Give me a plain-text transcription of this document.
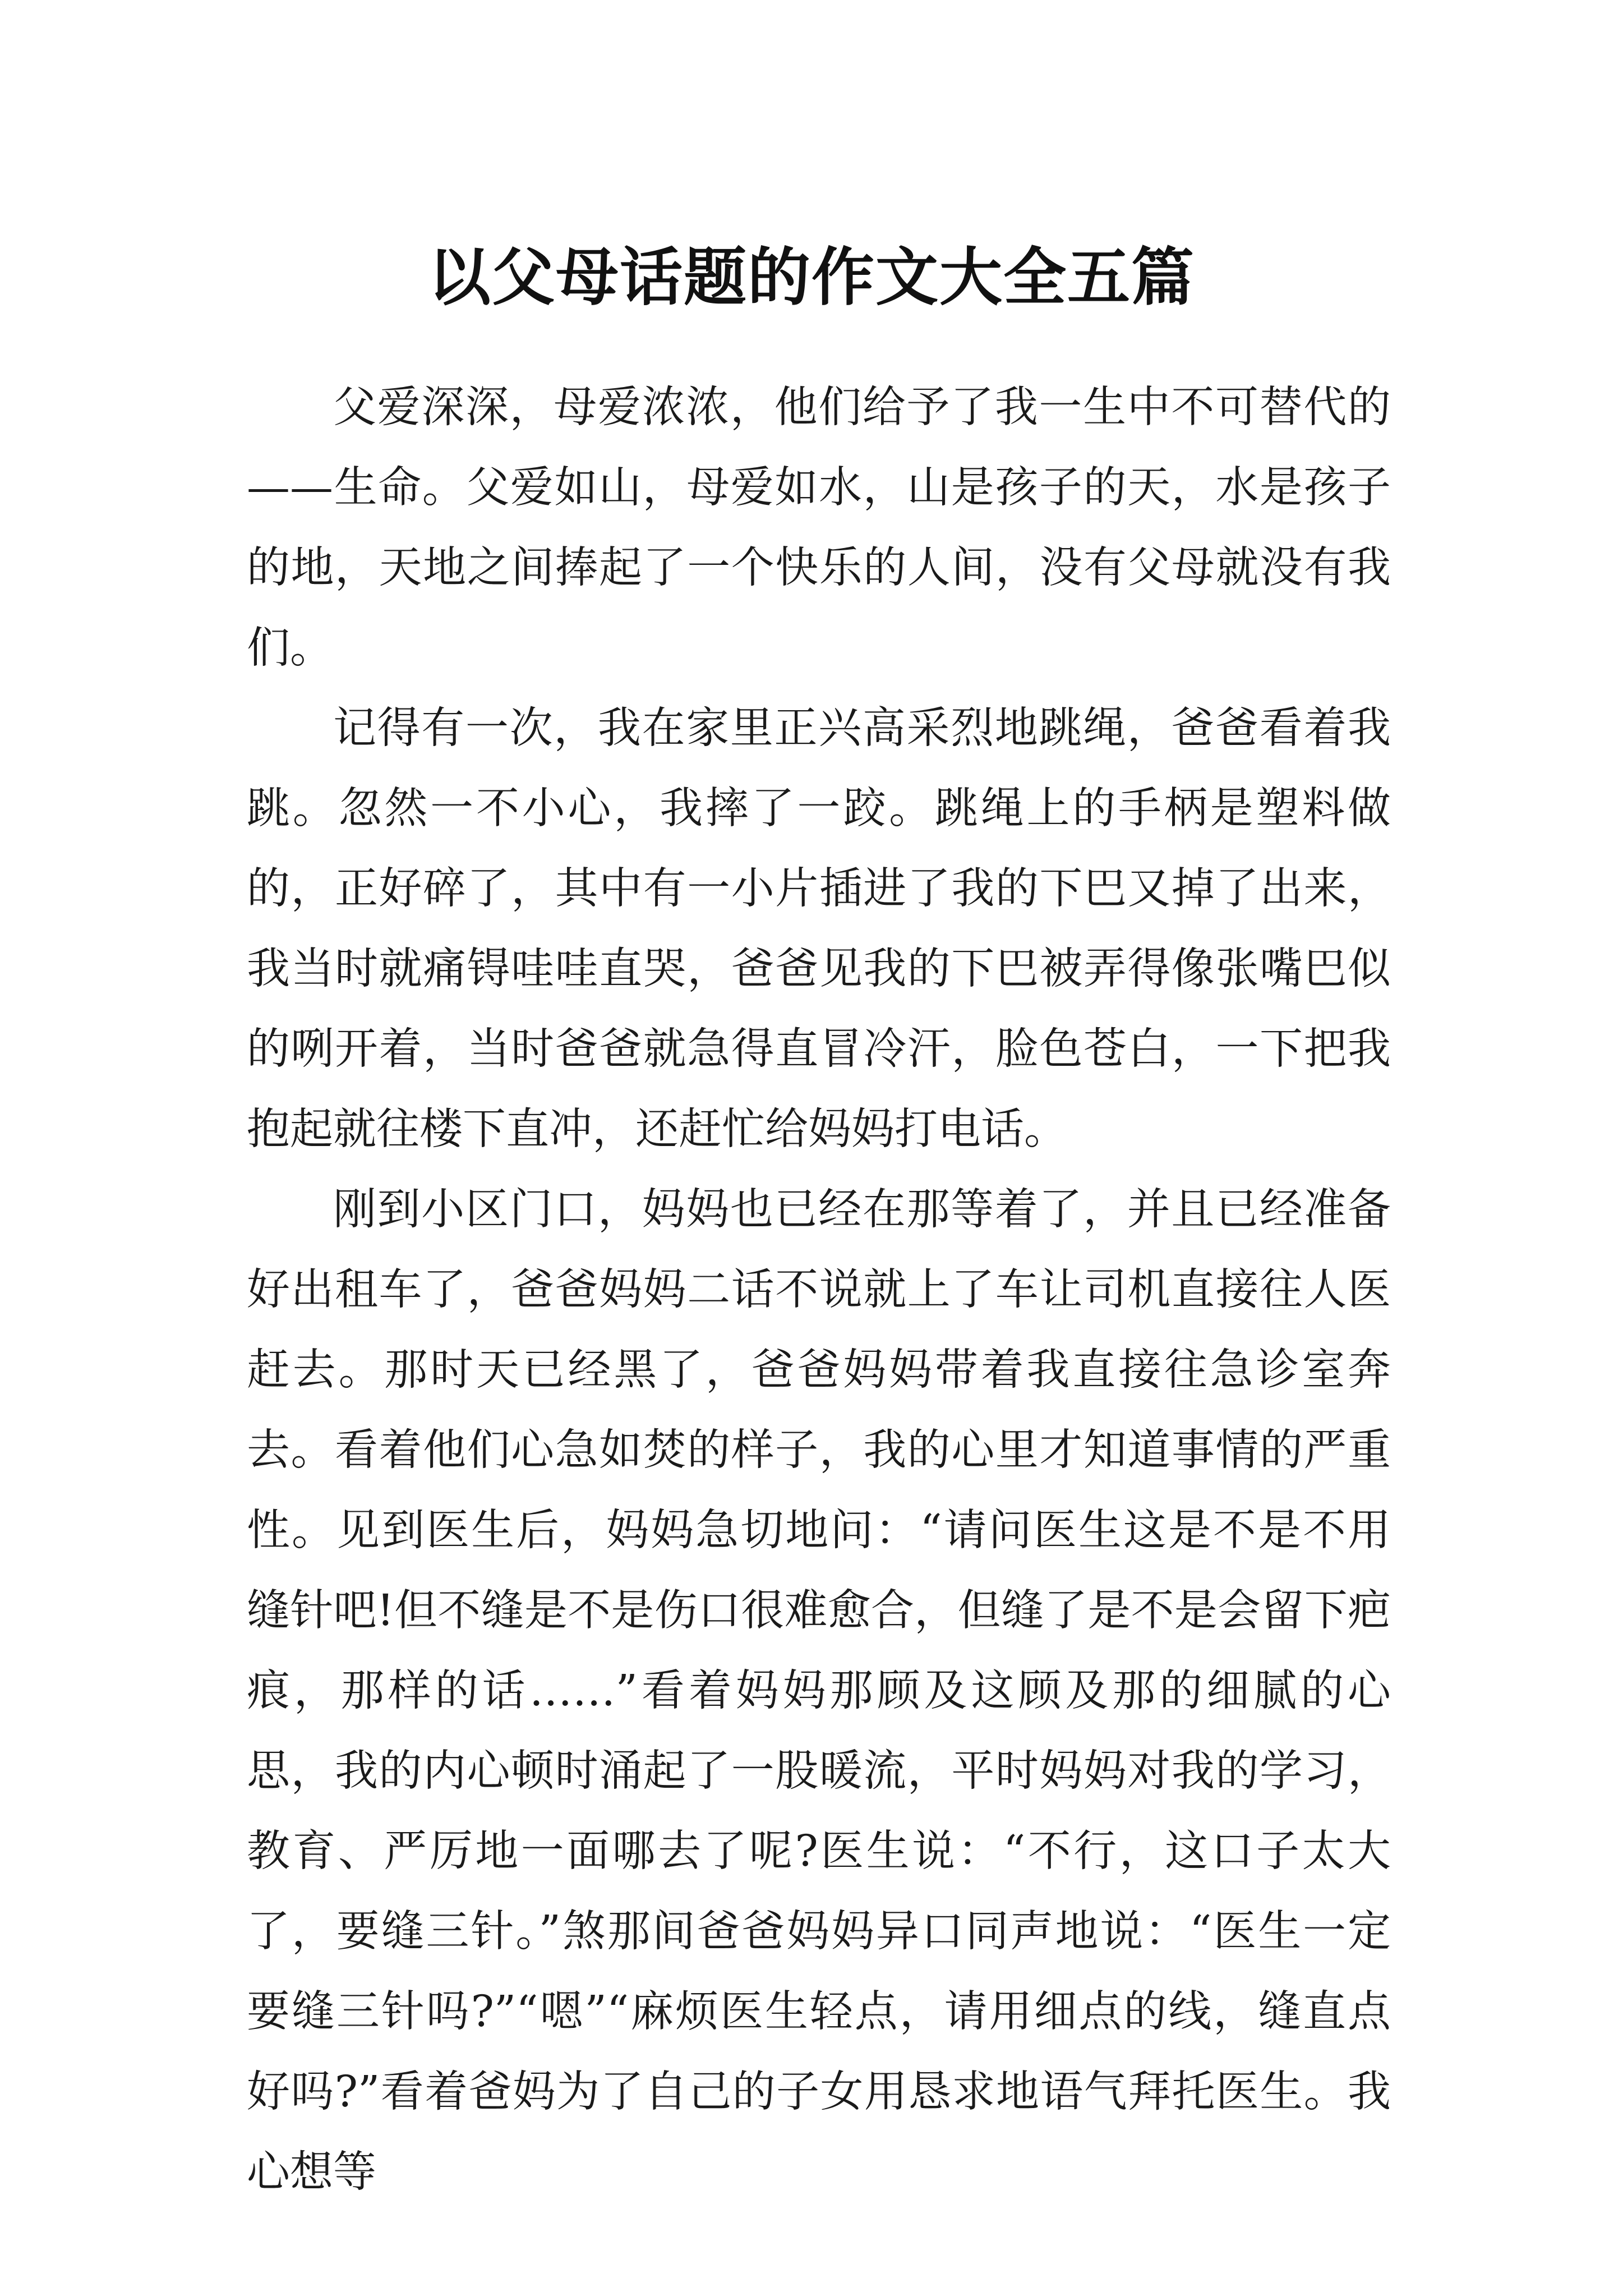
以父母话题的作文大全五篇

父爱深深，母爱浓浓，他们给予了我一生中不可替代的——生命。父爱如山，母爱如水，山是孩子的天，水是孩子的地，天地之间捧起了一个快乐的人间，没有父母就没有我们。

记得有一次，我在家里正兴高采烈地跳绳，爸爸看着我跳。忽然一不小心，我摔了一跤。跳绳上的手柄是塑料做的，正好碎了，其中有一小片插进了我的下巴又掉了出来，我当时就痛锝哇哇直哭，爸爸见我的下巴被弄得像张嘴巴似的咧开着，当时爸爸就急得直冒冷汗，脸色苍白，一下把我抱起就往楼下直冲，还赶忙给妈妈打电话。

刚到小区门口，妈妈也已经在那等着了，并且已经准备好出租车了，爸爸妈妈二话不说就上了车让司机直接往人医赶去。那时天已经黑了，爸爸妈妈带着我直接往急诊室奔去。看着他们心急如焚的样子，我的心里才知道事情的严重性。见到医生后，妈妈急切地问：“请问医生这是不是不用缝针吧!但不缝是不是伤口很难愈合，但缝了是不是会留下疤痕，那样的话……”看着妈妈那顾及这顾及那的细腻的心思，我的内心顿时涌起了一股暖流，平时妈妈对我的学习，教育、严厉地一面哪去了呢?医生说：“不行，这口子太大了，要缝三针。”煞那间爸爸妈妈异口同声地说：“医生一定要缝三针吗?”“嗯”“麻烦医生轻点，请用细点的线，缝直点好吗?”看着爸妈为了自己的子女用恳求地语气拜托医生。我心想等
